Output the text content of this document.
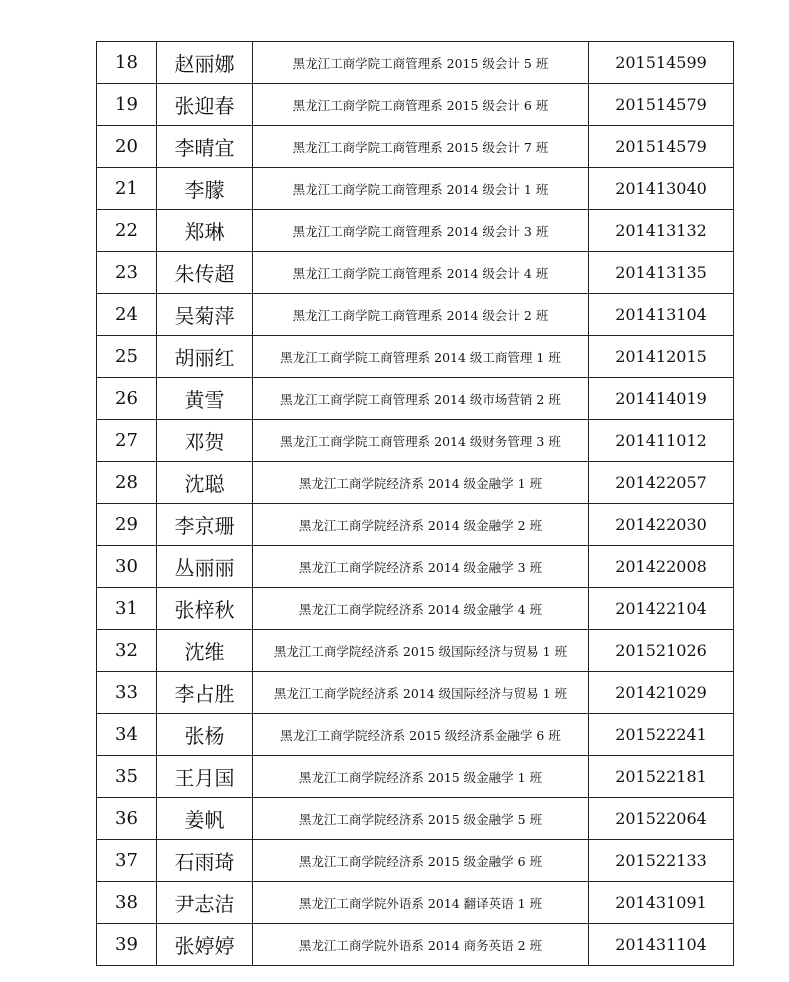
18	赵丽娜	黑龙江工商学院工商管理系 2015 级会计 5 班	201514599
19	张迎春	黑龙江工商学院工商管理系 2015 级会计 6 班	201514579
20	李晴宜	黑龙江工商学院工商管理系 2015 级会计 7 班	201514579
21	李朦	黑龙江工商学院工商管理系 2014 级会计 1 班	201413040
22	郑琳	黑龙江工商学院工商管理系 2014 级会计 3 班	201413132
23	朱传超	黑龙江工商学院工商管理系 2014 级会计 4 班	201413135
24	吴菊萍	黑龙江工商学院工商管理系 2014 级会计 2 班	201413104
25	胡丽红	黑龙江工商学院工商管理系 2014 级工商管理 1 班	201412015
26	黄雪	黑龙江工商学院工商管理系 2014 级市场营销 2 班	201414019
27	邓贺	黑龙江工商学院工商管理系 2014 级财务管理 3 班	201411012
28	沈聪	黑龙江工商学院经济系 2014 级金融学 1 班	201422057
29	李京珊	黑龙江工商学院经济系 2014 级金融学 2 班	201422030
30	丛丽丽	黑龙江工商学院经济系 2014 级金融学 3 班	201422008
31	张梓秋	黑龙江工商学院经济系 2014 级金融学 4 班	201422104
32	沈维	黑龙江工商学院经济系 2015 级国际经济与贸易 1 班	201521026
33	李占胜	黑龙江工商学院经济系 2014 级国际经济与贸易 1 班	201421029
34	张杨	黑龙江工商学院经济系 2015 级经济系金融学 6 班	201522241
35	王月国	黑龙江工商学院经济系 2015 级金融学 1 班	201522181
36	姜帆	黑龙江工商学院经济系 2015 级金融学 5 班	201522064
37	石雨琦	黑龙江工商学院经济系 2015 级金融学 6 班	201522133
38	尹志洁	黑龙江工商学院外语系 2014 翻译英语 1 班	201431091
39	张婷婷	黑龙江工商学院外语系 2014 商务英语 2 班	201431104
